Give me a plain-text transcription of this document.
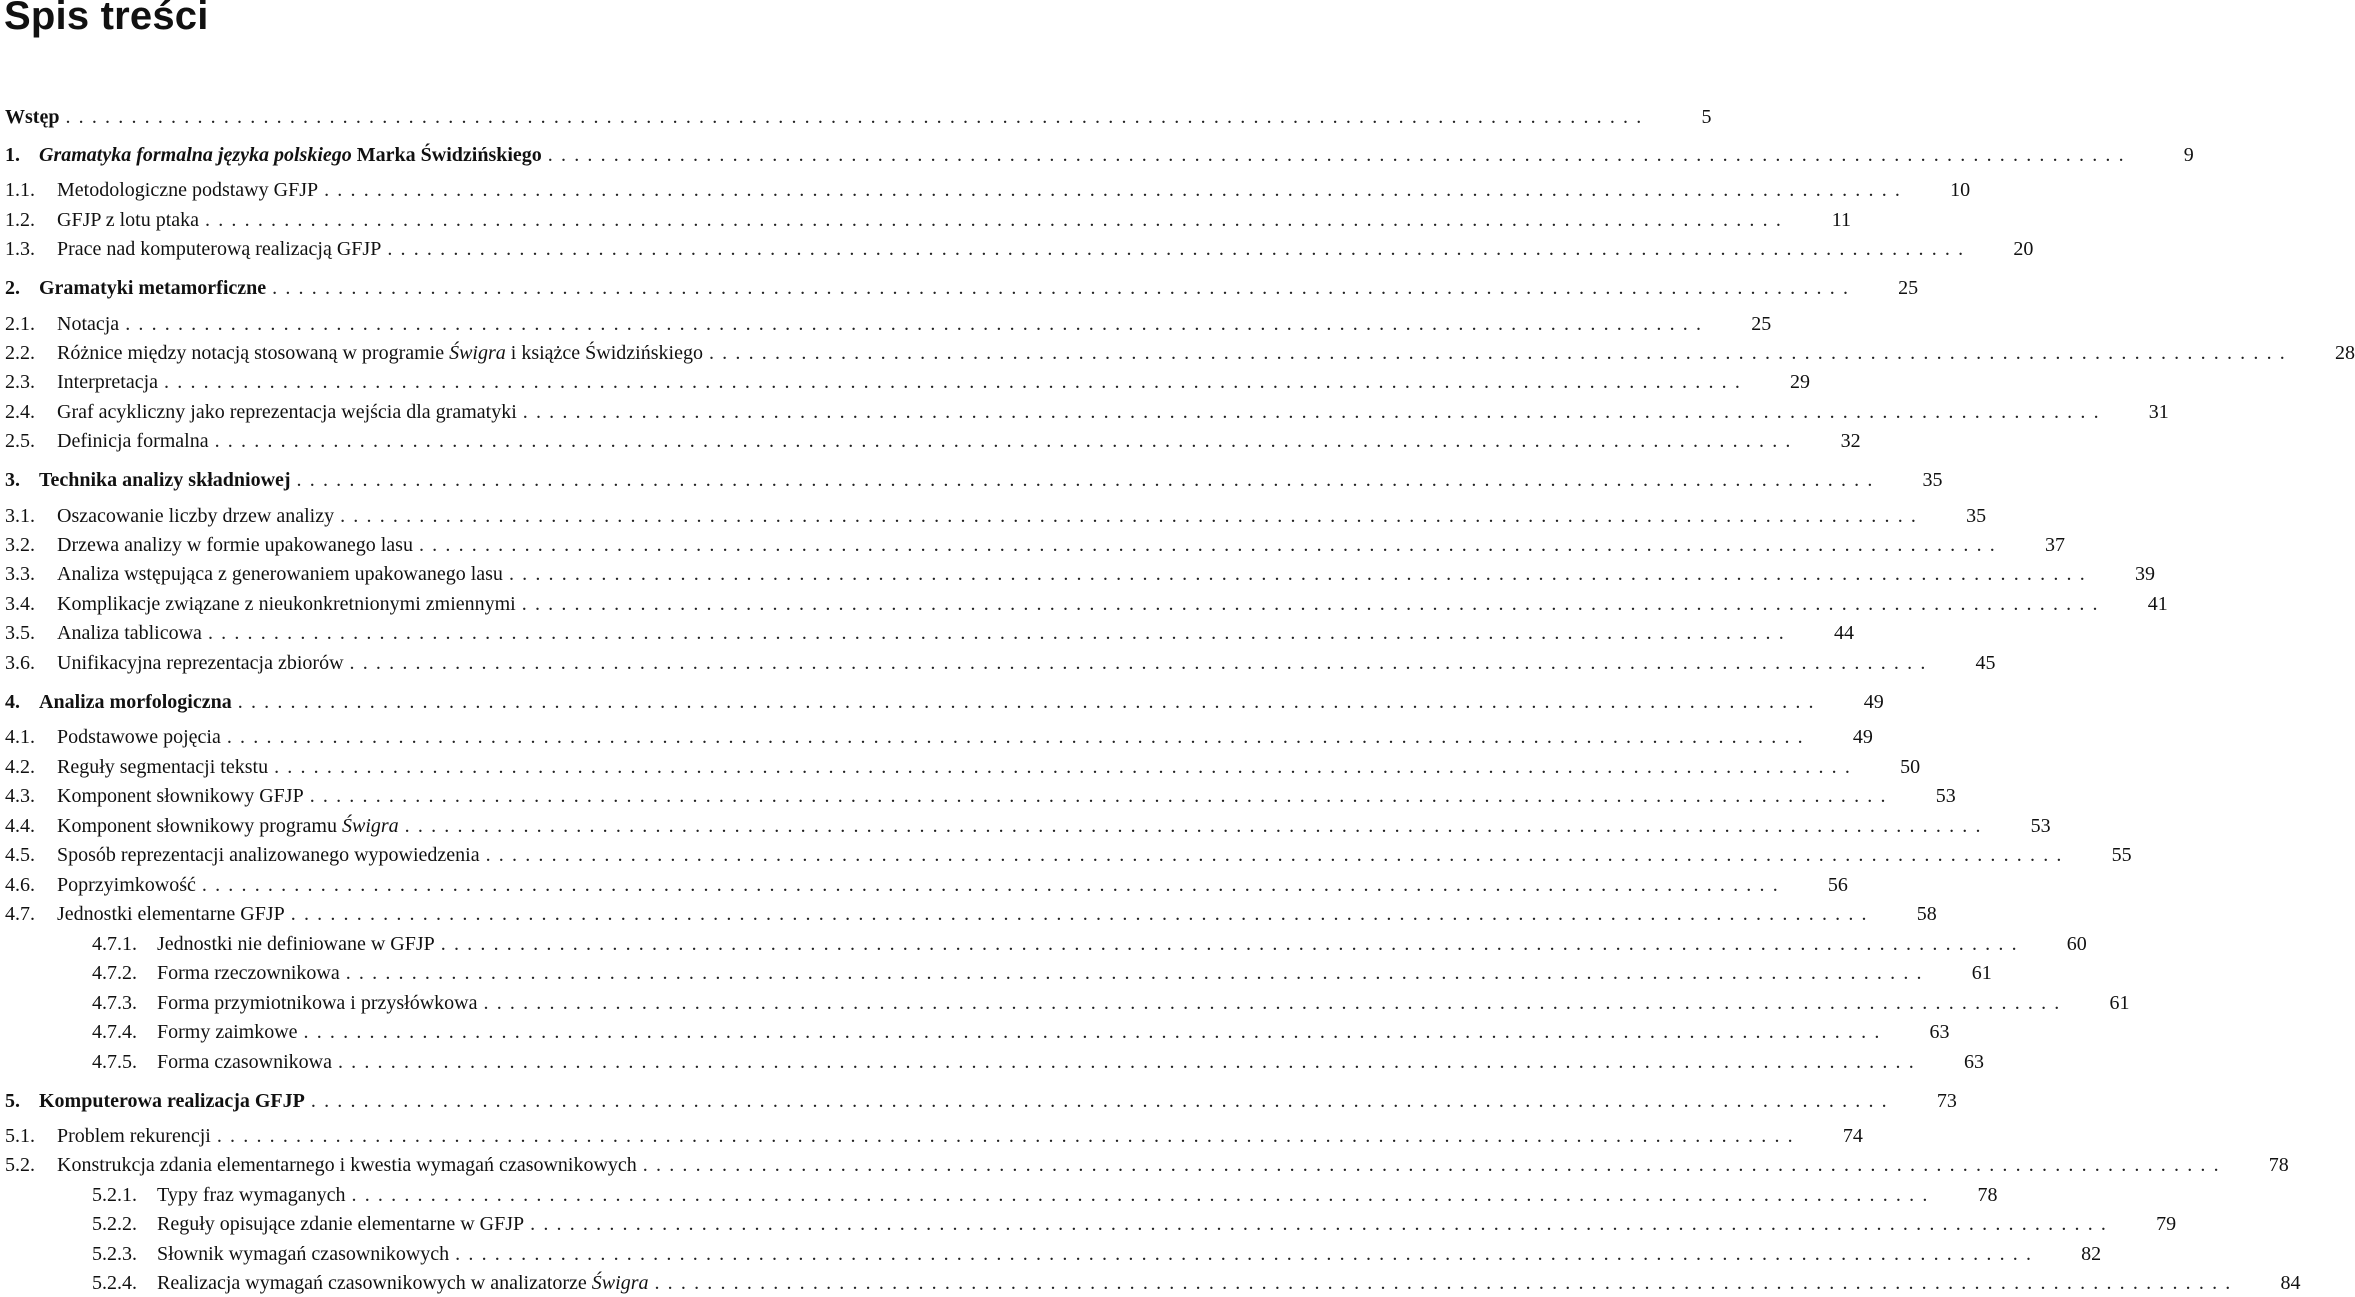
Spis treści
Wstęp ........................................................................................................................	5
1. Gramatyka formalna języka polskiego Marka Świdzińskiego ........................................................................................................................	9
1.1.	Metodologiczne podstawy GFJP ........................................................................................................................	10
1.2.	GFJP z lotu ptaka ........................................................................................................................	11
1.3.	Prace nad komputerową realizacją GFJP ........................................................................................................................	20
2. Gramatyki metamorficzne ........................................................................................................................	25
2.1.	Notacja ........................................................................................................................	25
2.2.	Różnice między notacją stosowaną w programie Świgra i książce Świdzińskiego ........................................................................................................................	28
2.3.	Interpretacja ........................................................................................................................	29
2.4.	Graf acykliczny jako reprezentacja wejścia dla gramatyki ........................................................................................................................	31
2.5.	Definicja formalna ........................................................................................................................	32
3. Technika analizy składniowej ........................................................................................................................	35
3.1.	Oszacowanie liczby drzew analizy ........................................................................................................................	35
3.2.	Drzewa analizy w formie upakowanego lasu ........................................................................................................................	37
3.3.	Analiza wstępująca z generowaniem upakowanego lasu ........................................................................................................................	39
3.4.	Komplikacje związane z nieukonkretnionymi zmiennymi ........................................................................................................................	41
3.5.	Analiza tablicowa ........................................................................................................................	44
3.6.	Unifikacyjna reprezentacja zbiorów ........................................................................................................................	45
4. Analiza morfologiczna ........................................................................................................................	49
4.1.	Podstawowe pojęcia ........................................................................................................................	49
4.2.	Reguły segmentacji tekstu ........................................................................................................................	50
4.3.	Komponent słownikowy GFJP ........................................................................................................................	53
4.4.	Komponent słownikowy programu Świgra ........................................................................................................................	53
4.5.	Sposób reprezentacji analizowanego wypowiedzenia ........................................................................................................................	55
4.6.	Poprzyimkowość ........................................................................................................................	56
4.7.	Jednostki elementarne GFJP ........................................................................................................................	58
4.7.1.	Jednostki nie definiowane w GFJP ........................................................................................................................	60
4.7.2.	Forma rzeczownikowa ........................................................................................................................	61
4.7.3.	Forma przymiotnikowa i przysłówkowa ........................................................................................................................	61
4.7.4.	Formy zaimkowe ........................................................................................................................	63
4.7.5.	Forma czasownikowa ........................................................................................................................	63
5. Komputerowa realizacja GFJP ........................................................................................................................	73
5.1.	Problem rekurencji ........................................................................................................................	74
5.2.	Konstrukcja zdania elementarnego i kwestia wymagań czasownikowych ........................................................................................................................	78
5.2.1.	Typy fraz wymaganych ........................................................................................................................	78
5.2.2.	Reguły opisujące zdanie elementarne w GFJP ........................................................................................................................	79
5.2.3.	Słownik wymagań czasownikowych ........................................................................................................................	82
5.2.4.	Realizacja wymagań czasownikowych w analizatorze Świgra ........................................................................................................................	84
